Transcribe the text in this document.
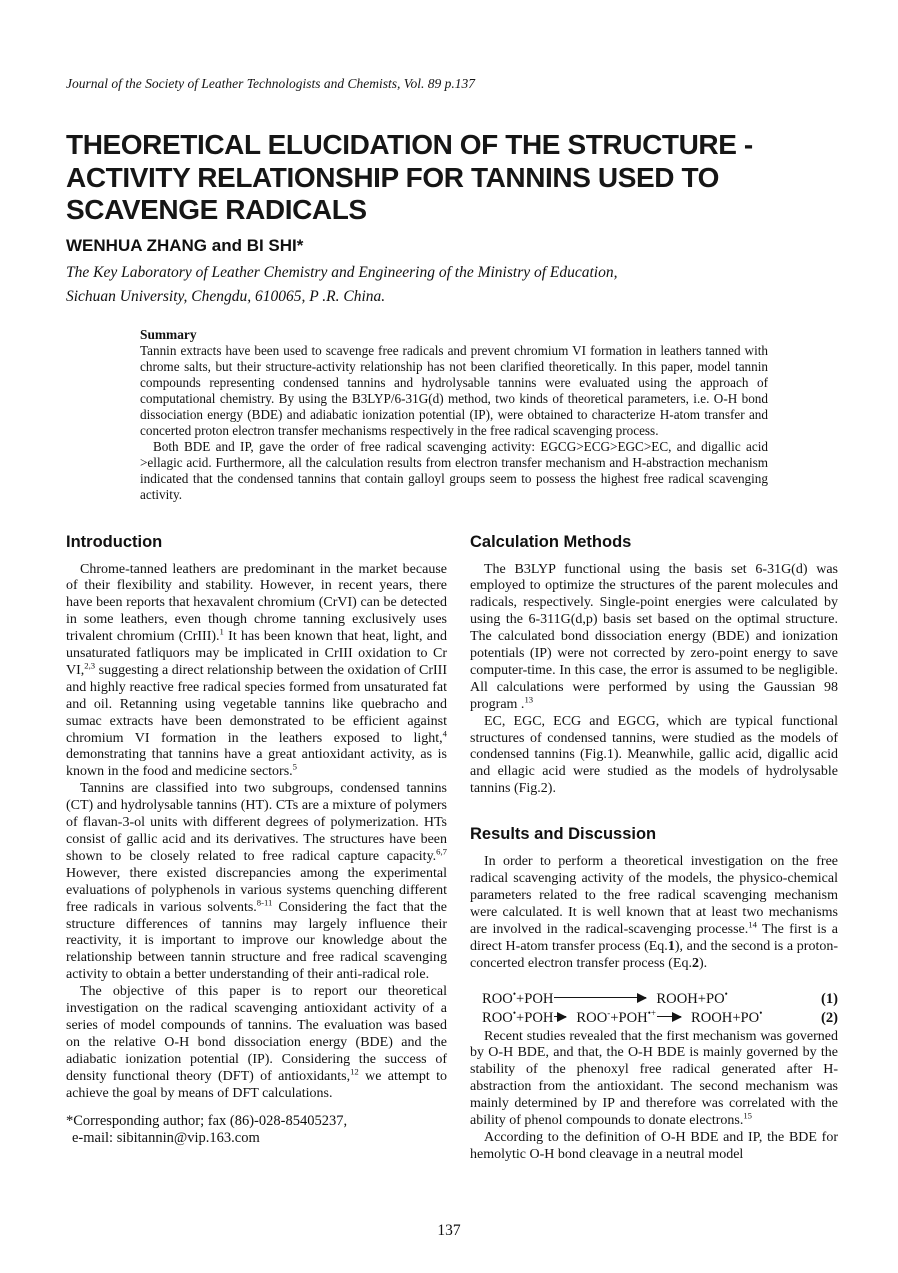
Journal of the Society of Leather Technologists and Chemists, Vol. 89 p.137
THEORETICAL ELUCIDATION OF THE STRUCTURE -
ACTIVITY RELATIONSHIP FOR TANNINS USED TO
SCAVENGE RADICALS
WENHUA ZHANG and BI SHI*
The Key Laboratory of Leather Chemistry and Engineering of the Ministry of Education,
Sichuan University, Chengdu, 610065, P .R. China.
Summary

Tannin extracts have been used to scavenge free radicals and prevent chromium VI formation in leathers tanned with chrome salts, but their structure-activity relationship has not been clarified theoretically. In this paper, model tannin compounds representing condensed tannins and hydrolysable tannins were evaluated using the approach of computational chemistry. By using the B3LYP/6-31G(d) method, two kinds of theoretical parameters, i.e. O-H bond dissociation energy (BDE) and adiabatic ionization potential (IP), were obtained to characterize H-atom transfer and concerted proton electron transfer mechanisms respectively in the free radical scavenging process.

Both BDE and IP, gave the order of free radical scavenging activity: EGCG>ECG>EGC>EC, and digallic acid >ellagic acid. Furthermore, all the calculation results from electron transfer mechanism and H-abstraction mechanism indicated that the condensed tannins that contain galloyl groups seem to possess the highest free radical scavenging activity.

Introduction

Chrome-tanned leathers are predominant in the market because of their flexibility and stability. However, in recent years, there have been reports that hexavalent chromium (CrVI) can be detected in some leathers, even though chrome tanning exclusively uses trivalent chromium (CrIII).$^1$ It has been known that heat, light, and unsaturated fatliquors may be implicated in CrIII oxidation to Cr VI,$^{2,3}$ suggesting a direct relationship between the oxidation of CrIII and highly reactive free radical species formed from unsaturated fat and oil. Retanning using vegetable tannins like quebracho and sumac extracts have been demonstrated to be efficient against chromium VI formation in the leathers exposed to light,$^4$ demonstrating that tannins have a great antioxidant activity, as is known in the food and medicine sectors.$^5$

Tannins are classified into two subgroups, condensed tannins (CT) and hydrolysable tannins (HT). CTs are a mixture of polymers of flavan-3-ol units with different degrees of polymerization. HTs consist of gallic acid and its derivatives. The structures have been shown to be closely related to free radical capture capacity.$^{6,7}$ However, there existed discrepancies among the experimental evaluations of polyphenols in various systems quenching different free radicals in various solvents.$^{8-11}$ Considering the fact that the structure differences of tannins may largely influence their reactivity, it is important to improve our knowledge about the relationship between tannin structure and free radical scavenging activity to obtain a better understanding of their anti-radical role.

The objective of this paper is to report our theoretical investigation on the radical scavenging antioxidant activity of a series of model compounds of tannins. The evaluation was based on the relative O-H bond dissociation energy (BDE) and the adiabatic ionization potential (IP). Considering the success of density functional theory (DFT) of antioxidants,$^{12}$ we attempt to achieve the goal by means of DFT calculations.

*Corresponding author; fax (86)-028-85405237,
e-mail: sibitannin@vip.163.com
Calculation Methods

The B3LYP functional using the basis set 6-31G(d) was employed to optimize the structures of the parent molecules and radicals, respectively. Single-point energies were calculated by using the 6-311G(d,p) basis set based on the optimal structure. The calculated bond dissociation energy (BDE) and ionization potentials (IP) were not corrected by zero-point energy to save computer-time. In this case, the error is assumed to be negligible. All calculations were performed by using the Gaussian 98 program .$^{13}$

EC, EGC, ECG and EGCG, which are typical functional structures of condensed tannins, were studied as the models of condensed tannins (Fig.1). Meanwhile, gallic acid, digallic acid and ellagic acid were studied as the models of hydrolysable tannins (Fig.2).

Results and Discussion

In order to perform a theoretical investigation on the free radical scavenging activity of the models, the physico-chemical parameters related to the free radical scavenging mechanism were calculated. It is well known that at least two mechanisms are involved in the radical-scavenging processe.$^{14}$ The first is a direct H-atom transfer process (Eq.1), and the second is a proton-concerted electron transfer process (Eq.2).

ROO•+POH	ROOH+PO•	(1)
ROO•+POH ROO-+POH•+ ROOH+PO•	(2)

Recent studies revealed that the first mechanism was governed by O-H BDE, and that, the O-H BDE is mainly governed by the stability of the phenoxyl free radical generated after H-abstraction from the antioxidant. The second mechanism was mainly determined by IP and therefore was correlated with the ability of phenol compounds to donate electrons.$^{15}$

According to the definition of O-H BDE and IP, the BDE for hemolytic O-H bond cleavage in a neutral model

137
